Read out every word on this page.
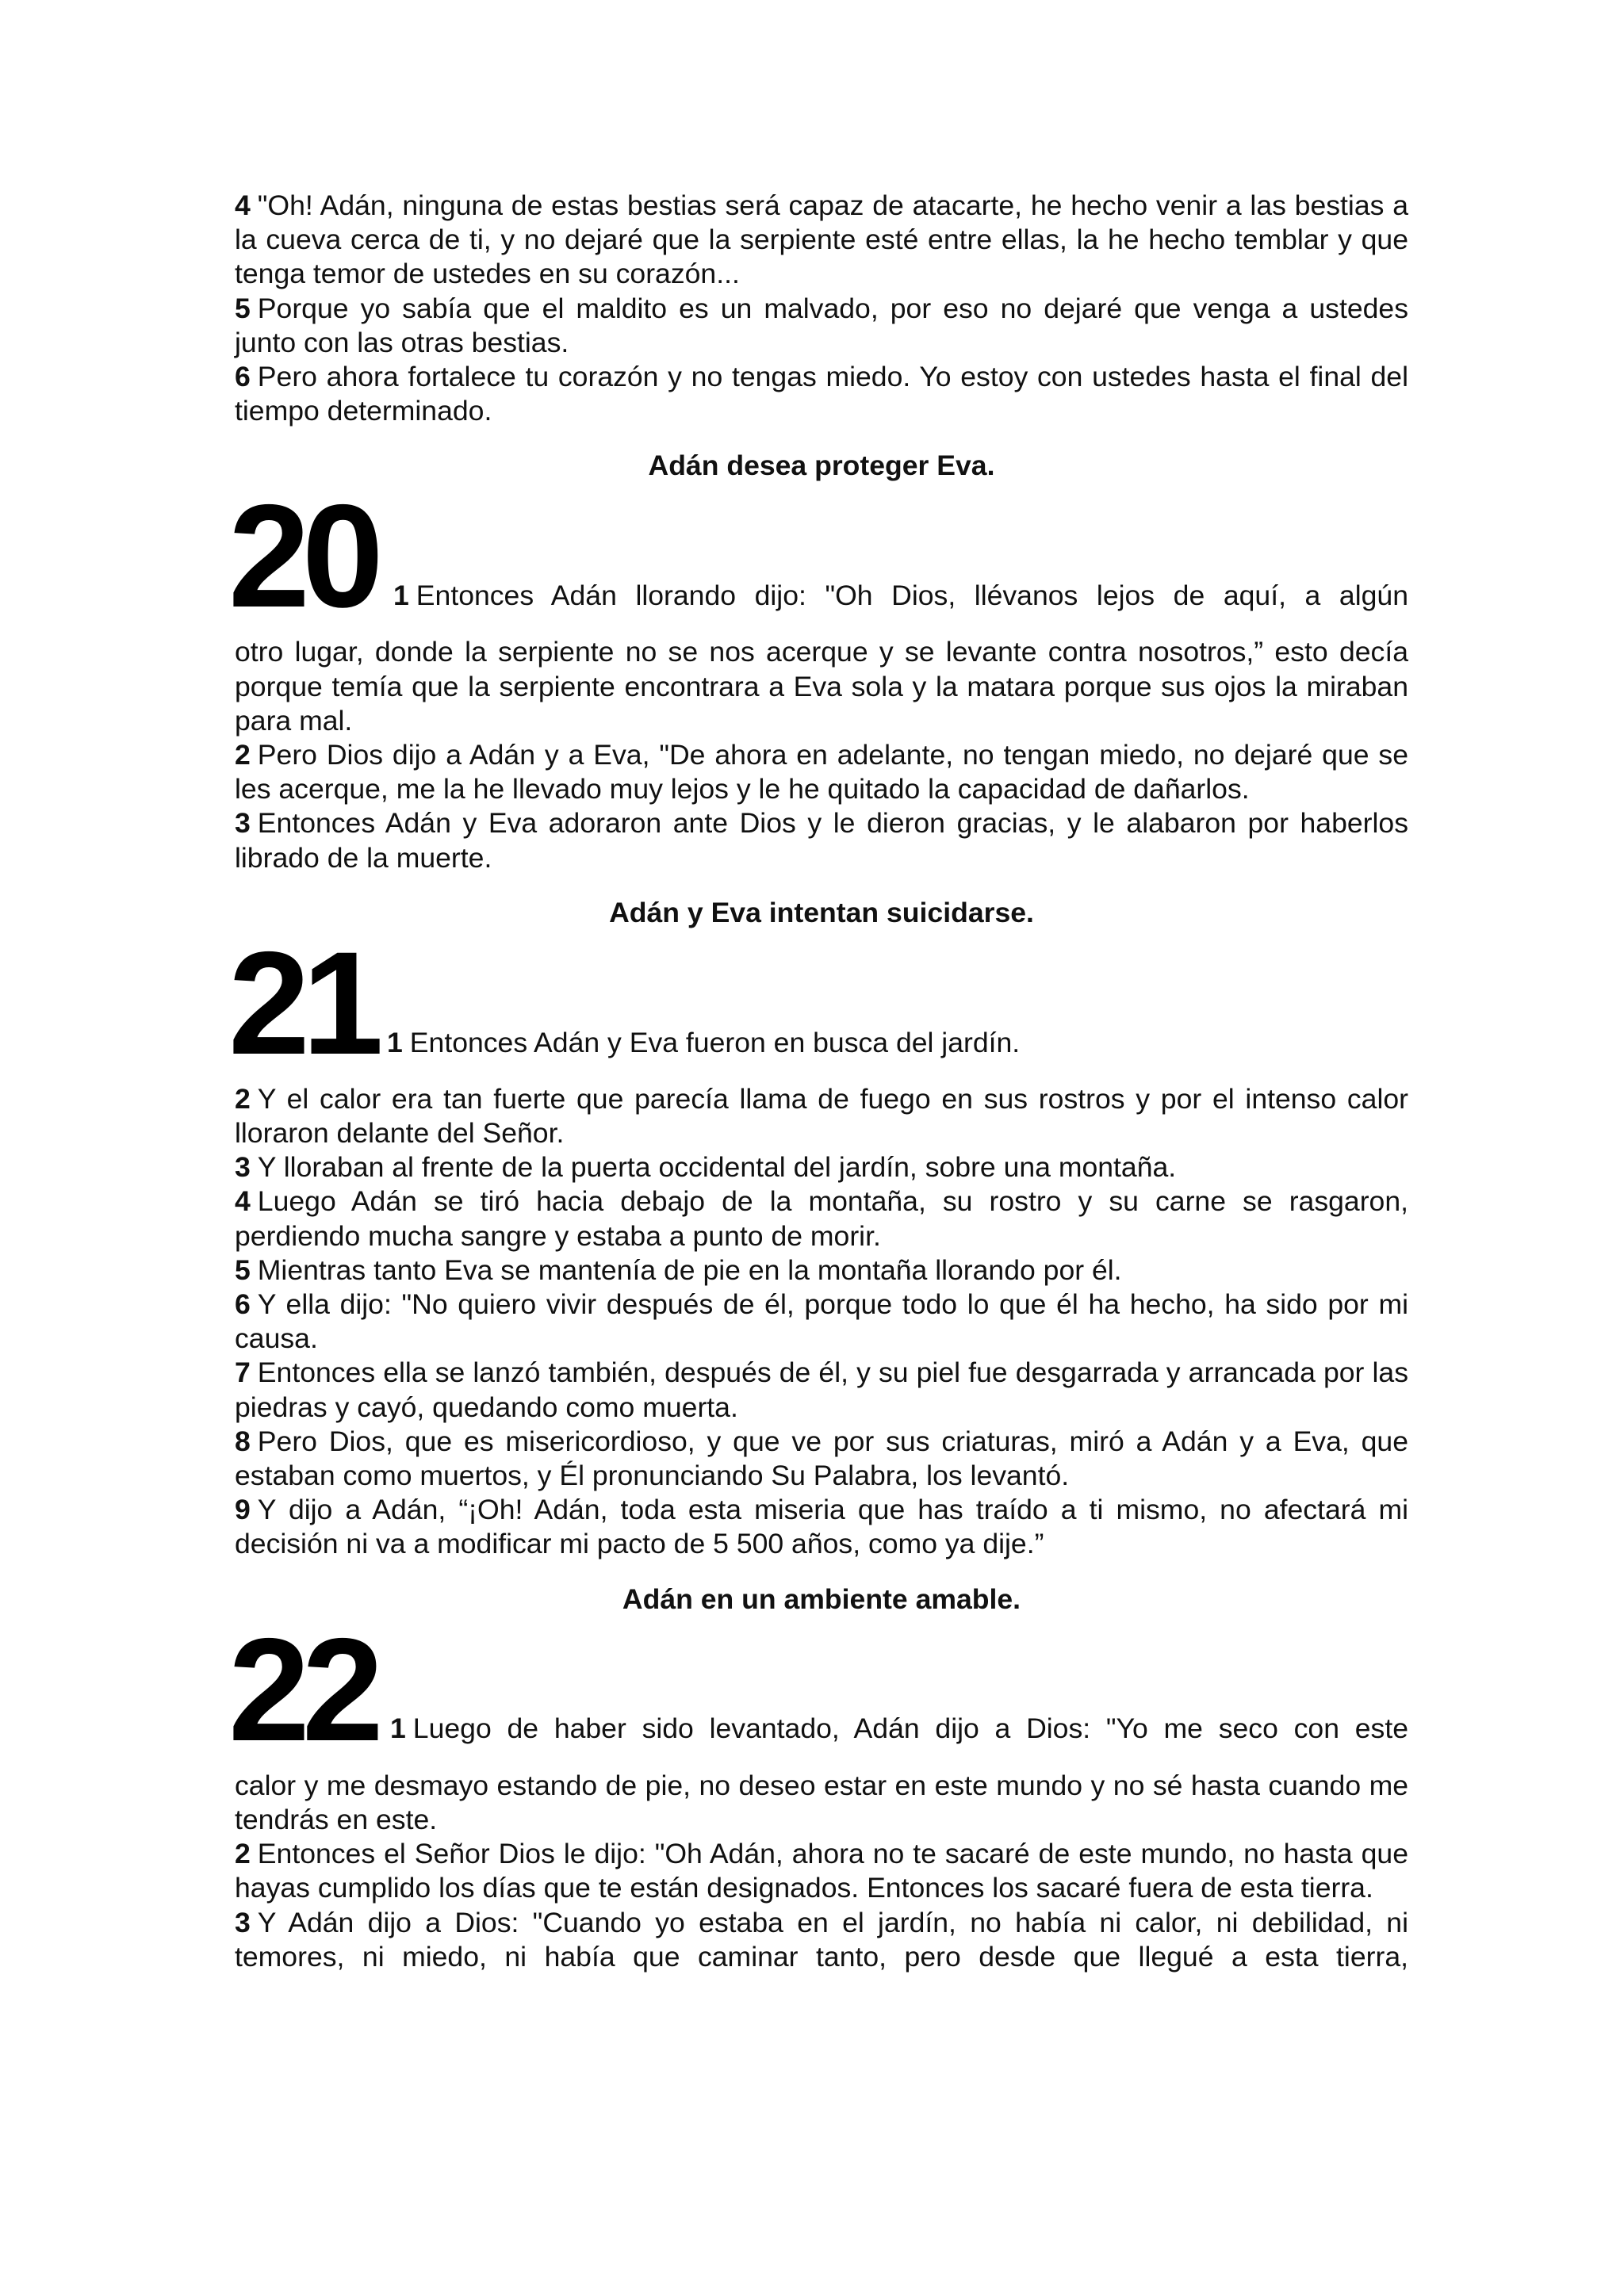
4 "Oh! Adán, ninguna de estas bestias será capaz de atacarte, he hecho venir a las bestias a la cueva cerca de ti, y no dejaré que la serpiente esté entre ellas, la he hecho temblar y que tenga temor de ustedes en su corazón...

5 Porque yo sabía que el maldito es un malvado, por eso no dejaré que venga a ustedes junto con las otras bestias.

6 Pero ahora fortalece tu corazón y no tengas miedo. Yo estoy con ustedes hasta el final del tiempo determinado.

Adán desea proteger Eva.
20 1 Entonces Adán llorando dijo: "Oh Dios, llévanos lejos de aquí, a algún

otro lugar, donde la serpiente no se nos acerque y se levante contra nosotros,” esto decía porque temía que la serpiente encontrara a Eva sola y la matara porque sus ojos la miraban para mal.

2 Pero Dios dijo a Adán y a Eva, "De ahora en adelante, no tengan miedo, no dejaré que se les acerque, me la he llevado muy lejos y le he quitado la capacidad de dañarlos.

3 Entonces Adán y Eva adoraron ante Dios y le dieron gracias, y le alabaron por haberlos librado de la muerte.

Adán y Eva intentan suicidarse.
21 1 Entonces Adán y Eva fueron en busca del jardín.

2 Y el calor era tan fuerte que parecía llama de fuego en sus rostros y por el intenso calor lloraron delante del Señor.

3 Y lloraban al frente de la puerta occidental del jardín, sobre una montaña.

4 Luego Adán se tiró hacia debajo de la montaña, su rostro y su carne se rasgaron, perdiendo mucha sangre y estaba a punto de morir.

5 Mientras tanto Eva se mantenía de pie en la montaña llorando por él.

6 Y ella dijo: "No quiero vivir después de él, porque todo lo que él ha hecho, ha sido por mi causa.

7 Entonces ella se lanzó también, después de él, y su piel fue desgarrada y arrancada por las piedras y cayó, quedando como muerta.

8 Pero Dios, que es misericordioso, y que ve por sus criaturas, miró a Adán y a Eva, que estaban como muertos, y Él pronunciando Su Palabra, los levantó.

9 Y dijo a Adán, “¡Oh! Adán, toda esta miseria que has traído a ti mismo, no afectará mi decisión ni va a modificar mi pacto de 5 500 años, como ya dije.”

Adán en un ambiente amable.
22 1 Luego de haber sido levantado, Adán dijo a Dios: "Yo me seco con este

calor y me desmayo estando de pie, no deseo estar en este mundo y no sé hasta cuando me tendrás en este.

2 Entonces el Señor Dios le dijo: "Oh Adán, ahora no te sacaré de este mundo, no hasta que hayas cumplido los días que te están designados. Entonces los sacaré fuera de esta tierra.

3 Y Adán dijo a Dios: "Cuando yo estaba en el jardín, no había ni calor, ni debilidad, ni temores, ni miedo, ni había que caminar tanto, pero desde que llegué a esta tierra,
